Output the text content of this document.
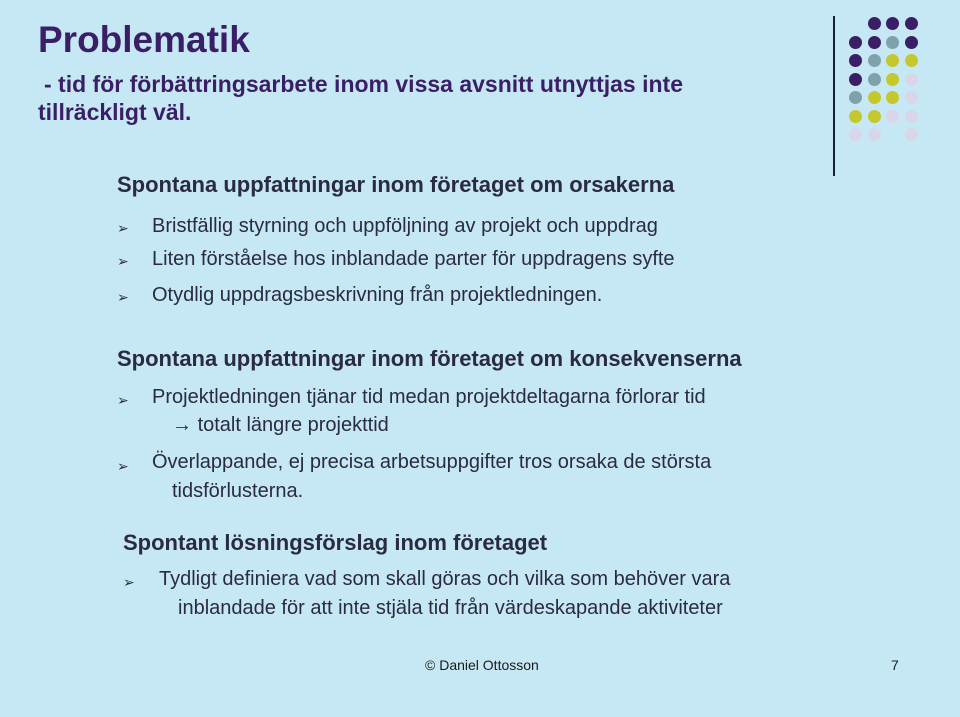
Problematik
- tid för förbättringsarbete inom vissa avsnitt utnyttjas inte
tillräckligt väl.
Spontana uppfattningar inom företaget om orsakerna
➢ Bristfällig styrning och uppföljning av projekt och uppdrag
➢ Liten förståelse hos inblandade parter för uppdragens syfte
➢ Otydlig uppdragsbeskrivning från projektledningen.
Spontana uppfattningar inom företaget om konsekvenserna
➢ Projektledningen tjänar tid medan projektdeltagarna förlorar tid
→ totalt längre projekttid
➢ Överlappande, ej precisa arbetsuppgifter tros orsaka de största
tidsförlusterna.
Spontant lösningsförslag inom företaget
➢ Tydligt definiera vad som skall göras och vilka som behöver vara
inblandade för att inte stjäla tid från värdeskapande aktiviteter
© Daniel Ottosson	7
